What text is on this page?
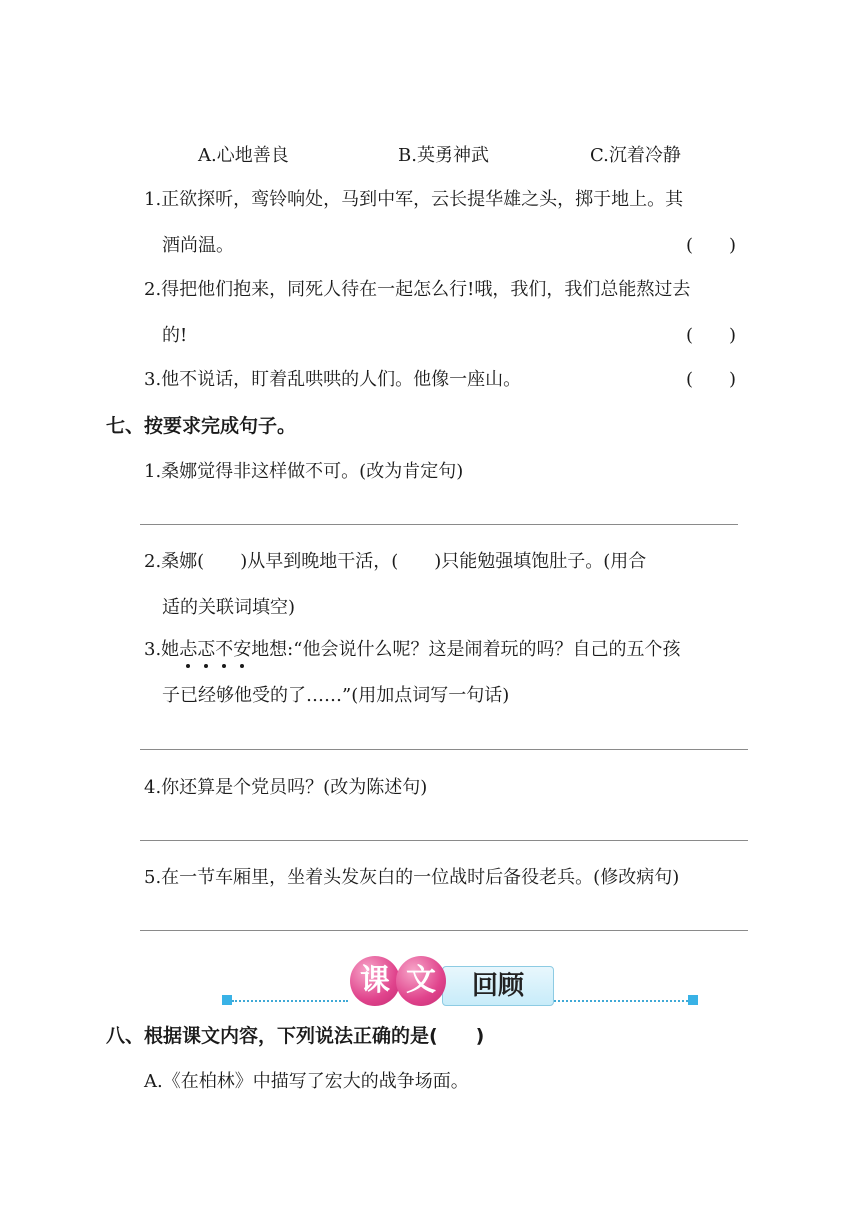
A.心地善良	B.英勇神武	C.沉着冷静
1.正欲探听，鸾铃响处，马到中军，云长提华雄之头，掷于地上。其
酒尚温。	(　　)
2.得把他们抱来，同死人待在一起怎么行!哦，我们，我们总能熬过去
的!	(　　)
3.他不说话，盯着乱哄哄的人们。他像一座山。	(　　)
七、按要求完成句子。
1.桑娜觉得非这样做不可。(改为肯定句)
2.桑娜(　　)从早到晚地干活，(　　)只能勉强填饱肚子。(用合
适的关联词填空)
3.她忐忑不安地想:“他会说什么呢？这是闹着玩的吗？自己的五个孩
子已经够他受的了……”(用加点词写一句话)
4.你还算是个党员吗？(改为陈述句)
5.在一节车厢里，坐着头发灰白的一位战时后备役老兵。(修改病句)
回顾
课 文
八、根据课文内容，下列说法正确的是(　　)
A.《在柏林》中描写了宏大的战争场面。
